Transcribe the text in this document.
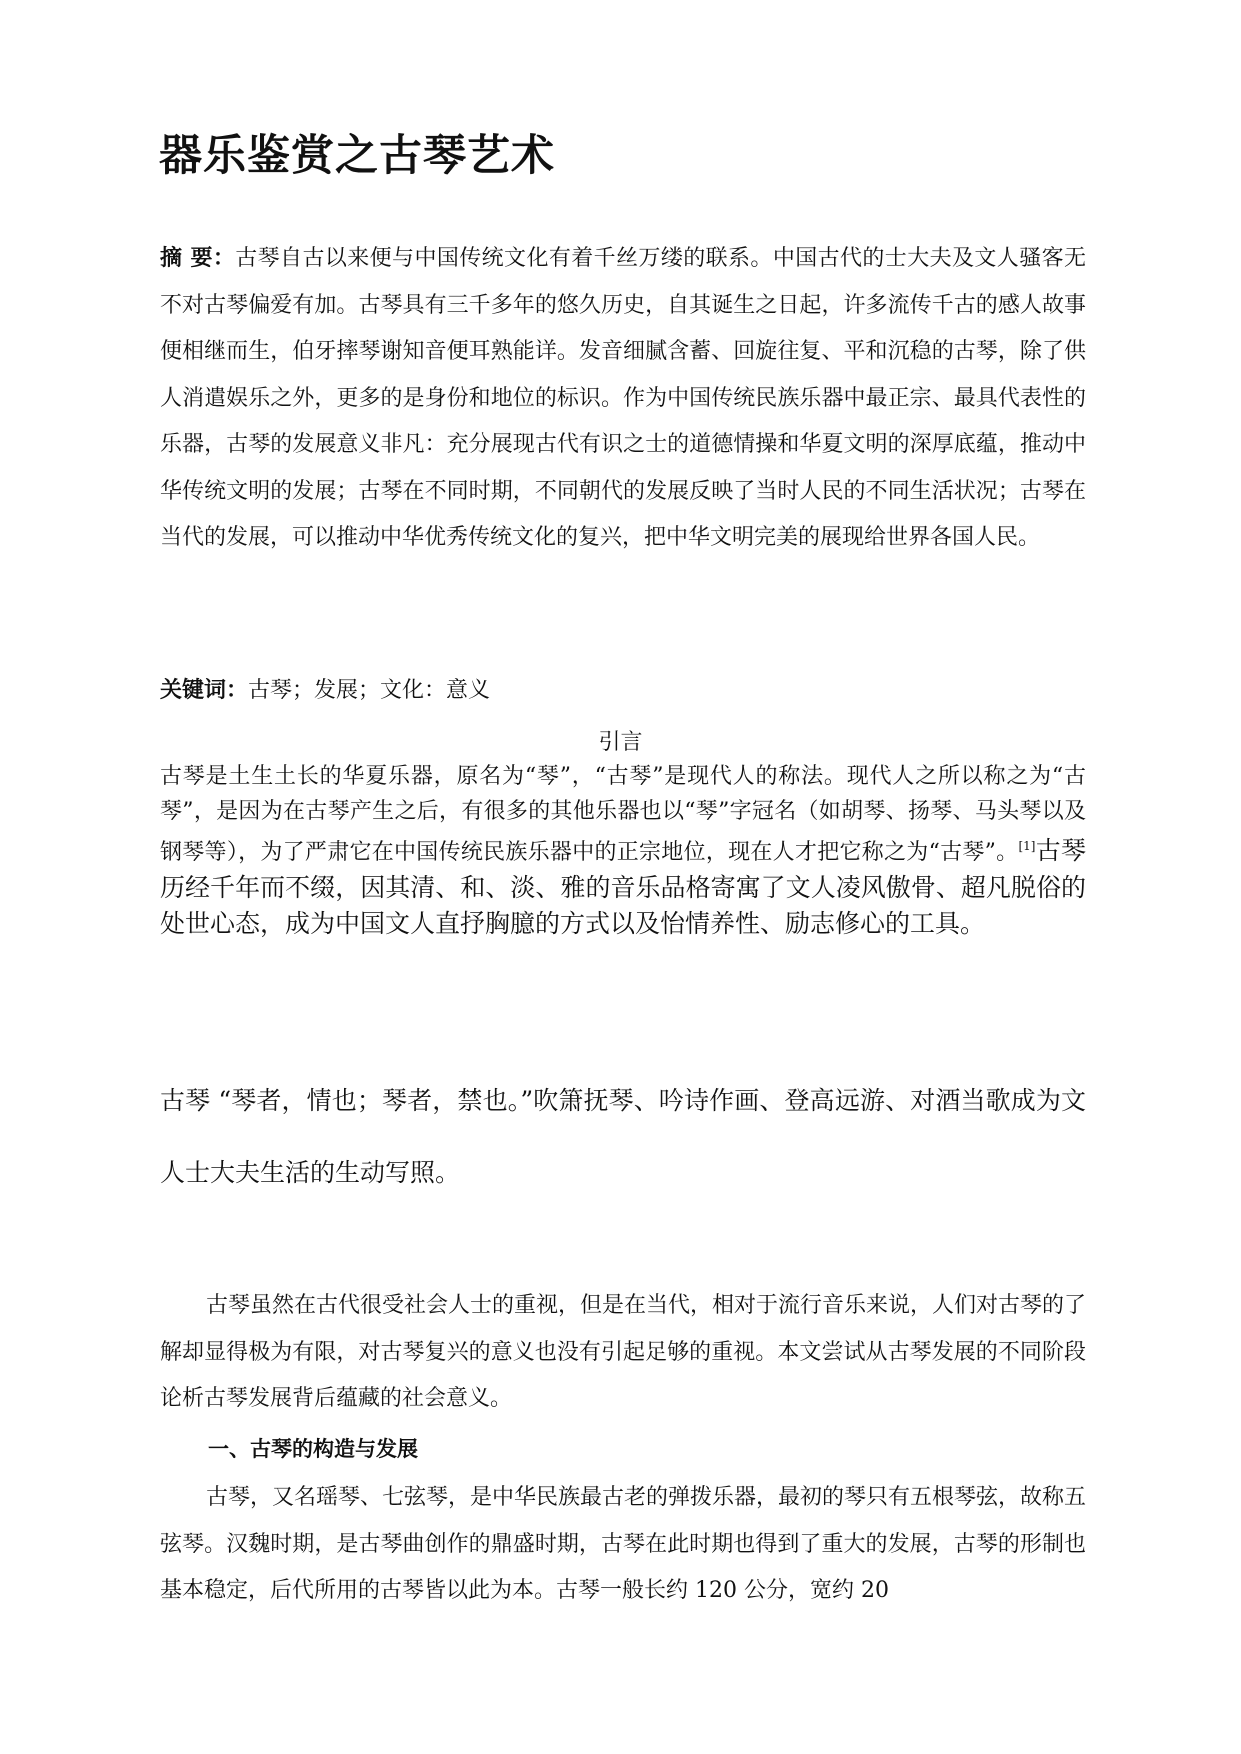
器乐鉴赏之古琴艺术

摘 要：古琴自古以来便与中国传统文化有着千丝万缕的联系。中国古代的士大夫及文人骚客无不对古琴偏爱有加。古琴具有三千多年的悠久历史，自其诞生之日起，许多流传千古的感人故事便相继而生，伯牙摔琴谢知音便耳熟能详。发音细腻含蓄、回旋往复、平和沉稳的古琴，除了供人消遣娱乐之外，更多的是身份和地位的标识。作为中国传统民族乐器中最正宗、最具代表性的乐器，古琴的发展意义非凡：充分展现古代有识之士的道德情操和华夏文明的深厚底蕴，推动中华传统文明的发展；古琴在不同时期，不同朝代的发展反映了当时人民的不同生活状况；古琴在当代的发展，可以推动中华优秀传统文化的复兴，把中华文明完美的展现给世界各国人民。

关键词：古琴；发展；文化：意义

引言

古琴是土生土长的华夏乐器，原名为“琴”，“古琴”是现代人的称法。现代人之所以称之为“古琴”，是因为在古琴产生之后，有很多的其他乐器也以“琴”字冠名（如胡琴、扬琴、马头琴以及钢琴等），为了严肃它在中国传统民族乐器中的正宗地位，现在人才把它称之为“古琴”。[1]古琴历经千年而不缀，因其清、和、淡、雅的音乐品格寄寓了文人凌风傲骨、超凡脱俗的处世心态，成为中国文人直抒胸臆的方式以及怡情养性、励志修心的工具。

古琴 “琴者，情也；琴者，禁也。”吹箫抚琴、吟诗作画、登高远游、对酒当歌成为文人士大夫生活的生动写照。

古琴虽然在古代很受社会人士的重视，但是在当代，相对于流行音乐来说，人们对古琴的了解却显得极为有限，对古琴复兴的意义也没有引起足够的重视。本文尝试从古琴发展的不同阶段论析古琴发展背后蕴藏的社会意义。

一、古琴的构造与发展

古琴，又名瑶琴、七弦琴，是中华民族最古老的弹拨乐器，最初的琴只有五根琴弦，故称五弦琴。汉魏时期，是古琴曲创作的鼎盛时期，古琴在此时期也得到了重大的发展，古琴的形制也基本稳定，后代所用的古琴皆以此为本。古琴一般长约 120 公分，宽约 20
